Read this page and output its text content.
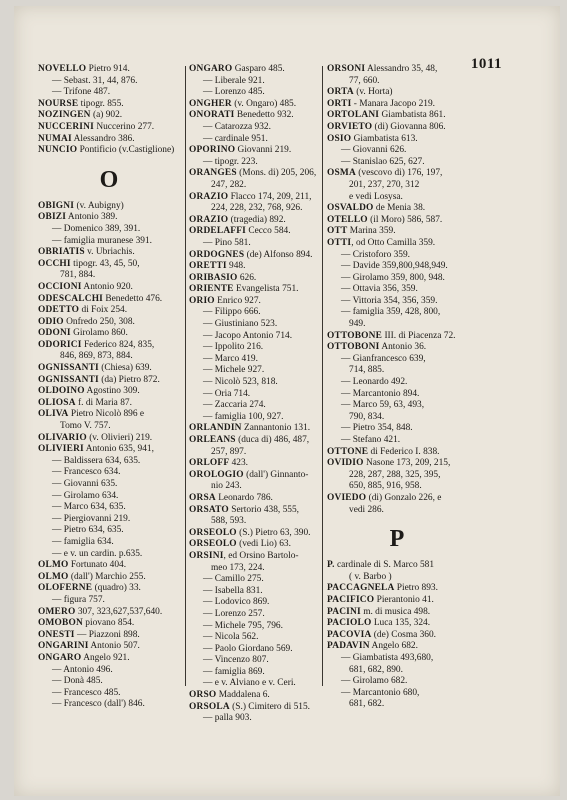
1011
NOVELLO Pietro 914.
— Sebast. 31, 44, 876.
— Trifone 487.
NOURSE tipogr. 855.
NOZINGEN (a) 902.
NUCCERINI Nuccerino 277.
NUMAI Alessandro 386.
NUNCIO Pontificio (v.Castiglione)
O
OBIGNI (v. Aubigny)
OBIZI Antonio 389.
— Domenico 389, 391.
— famiglia muranese 391.
OBRIATIS v. Ubriachis.
OCCHI tipogr. 43, 45, 50,
781, 884.
OCCIONI Antonio 920.
ODESCALCHI Benedetto 476.
ODETTO di Foix 254.
ODIO Onfredo 250, 308.
ODONI Girolamo 860.
ODORICI Federico 824, 835,
846, 869, 873, 884.
OGNISSANTI (Chiesa) 639.
OGNISSANTI (da) Pietro 872.
OLDOINO Agostino 309.
OLIOSA f. di Maria 87.
OLIVA Pietro Nicolò 896 e
Tomo V. 757.
OLIVARIO (v. Olivieri) 219.
OLIVIERI Antonio 635, 941,
— Baldissera 634, 635.
— Francesco 634.
— Giovanni 635.
— Girolamo 634.
— Marco 634, 635.
— Piergiovanni 219.
— Pietro 634, 635.
— famiglia 634.
— e v. un cardin. p.635.
OLMO Fortunato 404.
OLMO (dall') Marchio 255.
OLOFERNE (quadro) 33.
— figura 757.
OMERO 307, 323,627,537,640.
OMOBON piovano 854.
ONESTI — Piazzoni 898.
ONGARINI Antonio 507.
ONGARO Angelo 921.
— Antonio 496.
— Donà 485.
— Francesco 485.
— Francesco (dall') 846.
ONGARO Gasparo 485.
— Liberale 921.
— Lorenzo 485.
ONGHER (v. Ongaro) 485.
ONORATI Benedetto 932.
— Catarozza 932.
— cardinale 951.
OPORINO Giovanni 219.
— tipogr. 223.
ORANGES (Mons. di) 205, 206,
247, 282.
ORAZIO Flacco 174, 209, 211,
224, 228, 232, 768, 926.
ORAZIO (tragedia) 892.
ORDELAFFI Cecco 584.
— Pino 581.
ORDOGNES (de) Alfonso 894.
ORETTI 948.
ORIBASIO 626.
ORIENTE Evangelista 751.
ORIO Enrico 927.
— Filippo 666.
— Giustiniano 523.
— Jacopo Antonio 714.
— Ippolito 216.
— Marco 419.
— Michele 927.
— Nicolò 523, 818.
— Oria 714.
— Zaccaria 274.
— famiglia 100, 927.
ORLANDIN Zannantonio 131.
ORLEANS (duca di) 486, 487,
257, 897.
ORLOFF 423.
OROLOGIO (dall') Ginnanto-
nio 243.
ORSA Leonardo 786.
ORSATO Sertorio 438, 555,
588, 593.
ORSEOLO (S.) Pietro 63, 390.
ORSEOLO (vedi Lio) 63.
ORSINI, ed Orsino Bartolo-
meo 173, 224.
— Camillo 275.
— Isabella 831.
— Lodovico 869.
— Lorenzo 257.
— Michele 795, 796.
— Nicola 562.
— Paolo Giordano 569.
— Vincenzo 807.
— famiglia 869.
— e v. Alviano e v. Ceri.
ORSO Maddalena 6.
ORSOLA (S.) Cimitero di 515.
— palla 903.
ORSONI Alessandro 35, 48,
77, 660.
ORTA (v. Horta)
ORTI - Manara Jacopo 219.
ORTOLANI Giambatista 861.
ORVIETO (di) Giovanna 806.
OSIO Giambatista 613.
— Giovanni 626.
— Stanislao 625, 627.
OSMA (vescovo di) 176, 197,
201, 237, 270, 312
e vedi Losysa.
OSVALDO de Menia 38.
OTELLO (il Moro) 586, 587.
OTT Marina 359.
OTTI, od Otto Camilla 359.
— Cristoforo 359.
— Davide 359,800,948,949.
— Girolamo 359, 800, 948.
— Ottavia 356, 359.
— Vittoria 354, 356, 359.
— famiglia 359, 428, 800,
949.
OTTOBONE III. di Piacenza 72.
OTTOBONI Antonio 36.
— Gianfrancesco 639,
714, 885.
— Leonardo 492.
— Marcantonio 894.
— Marco 59, 63, 493,
790, 834.
— Pietro 354, 848.
— Stefano 421.
OTTONE di Federico I. 838.
OVIDIO Nasone 173, 209, 215,
228, 287, 288, 325, 395,
650, 885, 916, 958.
OVIEDO (di) Gonzalo 226, e
vedi 286.
P
P. cardinale di S. Marco 581
( v. Barbo )
PACCAGNELA Pietro 893.
PACIFICO Pierantonio 41.
PACINI m. di musica 498.
PACIOLO Luca 135, 324.
PACOVIA (de) Cosma 360.
PADAVIN Angelo 682.
— Giambatista 493,680,
681, 682, 890.
— Girolamo 682.
— Marcantonio 680,
681, 682.
